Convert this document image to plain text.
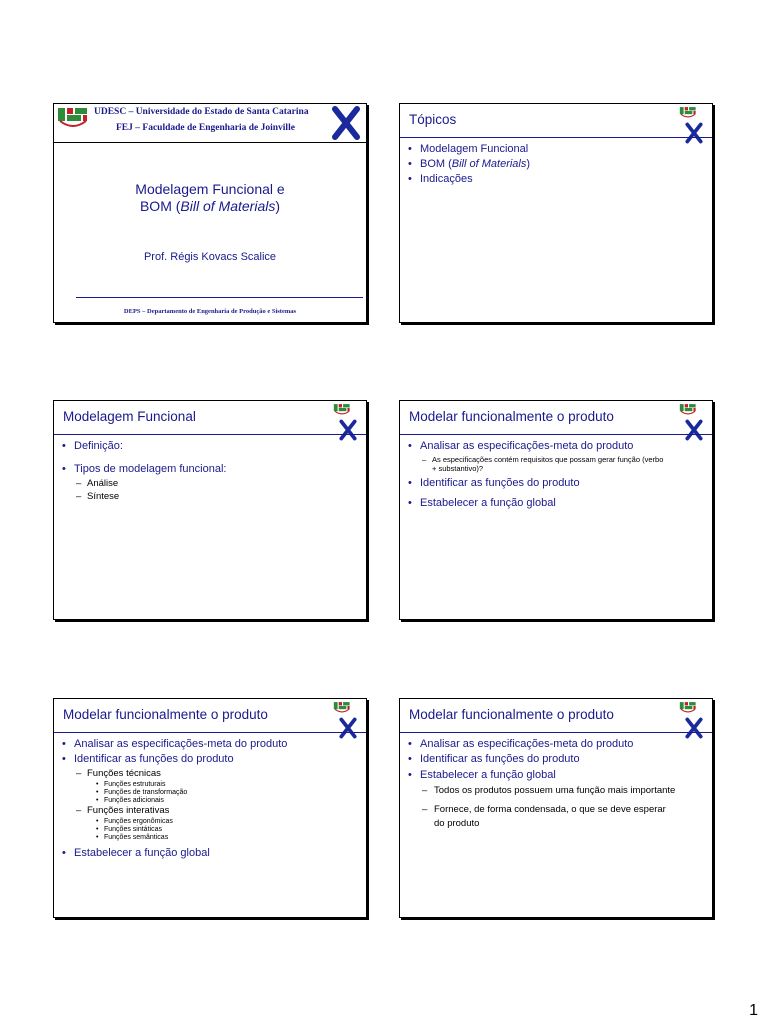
UDESC – Universidade do Estado de Santa Catarina
FEJ – Faculdade de Engenharia de Joinville
Modelagem Funcional e
BOM (Bill of Materials)
Prof. Régis Kovacs Scalice
DEPS – Departamento de Engenharia de Produção e Sistemas
Tópicos
• Modelagem Funcional
• BOM (Bill of Materials)
• Indicações
Modelagem Funcional
• Definição:
• Tipos de modelagem funcional:
– Análise
– Síntese
Modelar funcionalmente o produto
• Analisar as especificações-meta do produto
– As especificações contém requisitos que possam gerar função (verbo
+ substantivo)?
• Identificar as funções do produto
• Estabelecer a função global
Modelar funcionalmente o produto
• Analisar as especificações-meta do produto
• Identificar as funções do produto
– Funções técnicas
• Funções estruturais
• Funções de transformação
• Funções adicionais
– Funções interativas
• Funções ergonômicas
• Funções sintáticas
• Funções semânticas
• Estabelecer a função global
Modelar funcionalmente o produto
• Analisar as especificações-meta do produto
• Identificar as funções do produto
• Estabelecer a função global
– Todos os produtos possuem uma função mais importante
– Fornece, de forma condensada, o que se deve esperar
do produto
1
